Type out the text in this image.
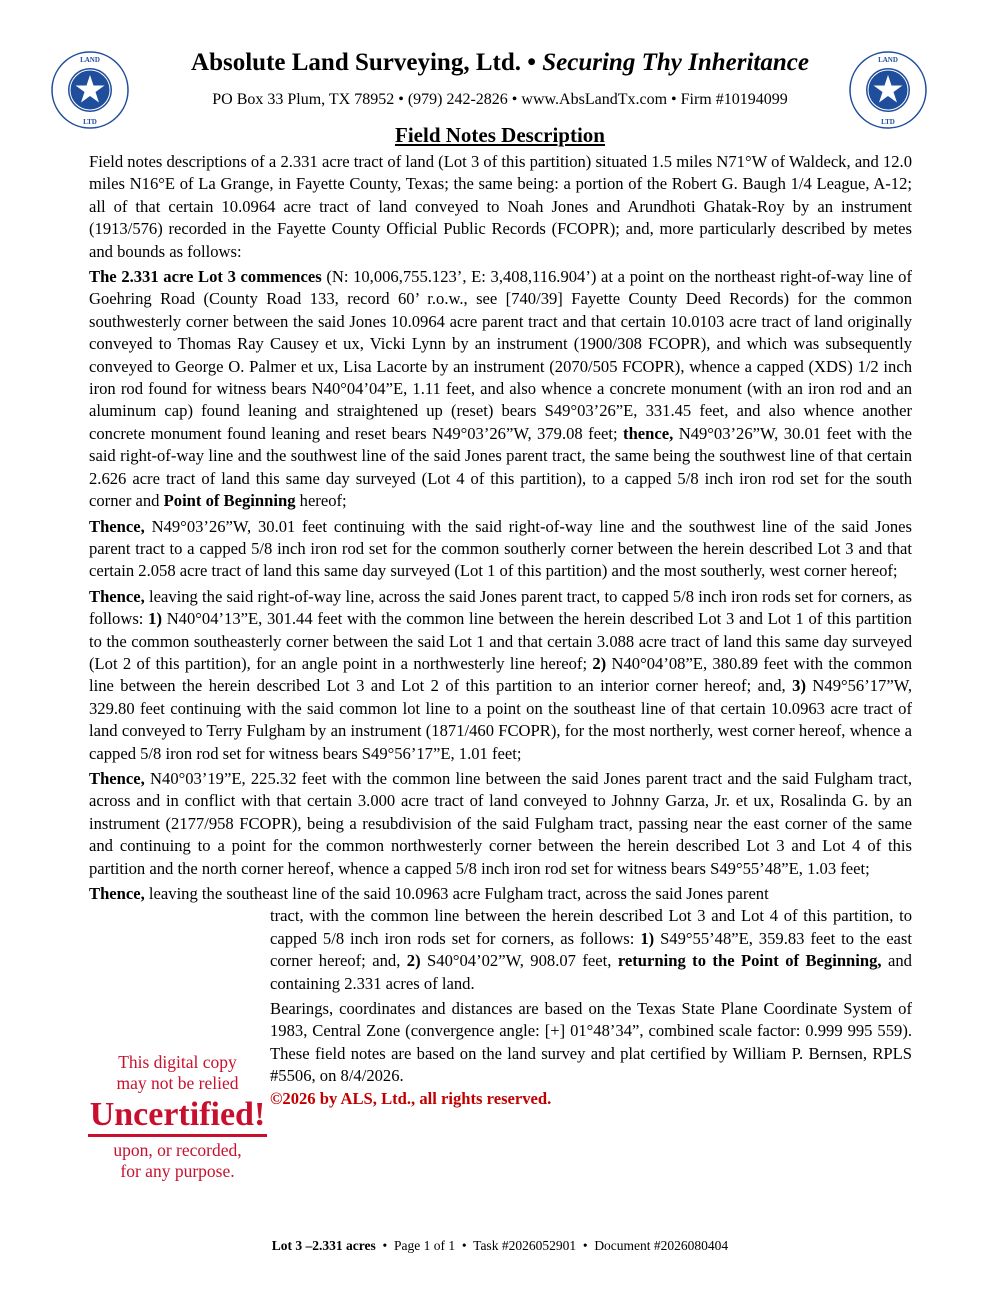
LAND
LTD
LAND
LTD
Absolute Land Surveying, Ltd. • Securing Thy Inheritance
PO Box 33 Plum, TX 78952 • (979) 242-2826 • www.AbsLandTx.com • Firm #10194099
Field Notes Description

Field notes descriptions of a 2.331 acre tract of land (Lot 3 of this partition) situated 1.5 miles N71°W of Waldeck, and 12.0 miles N16°E of La Grange, in Fayette County, Texas; the same being: a portion of the Robert G. Baugh 1/4 League, A-12; all of that certain 10.0964 acre tract of land conveyed to Noah Jones and Arundhoti Ghatak-Roy by an instrument (1913/576) recorded in the Fayette County Official Public Records (FCOPR); and, more particularly described by metes and bounds as follows:

The 2.331 acre Lot 3 commences (N: 10,006,755.123’, E: 3,408,116.904’) at a point on the northeast right-of-way line of Goehring Road (County Road 133, record 60’ r.o.w., see [740/39] Fayette County Deed Records) for the common southwesterly corner between the said Jones 10.0964 acre parent tract and that certain 10.0103 acre tract of land originally conveyed to Thomas Ray Causey et ux, Vicki Lynn by an instrument (1900/308 FCOPR), and which was subsequently conveyed to George O. Palmer et ux, Lisa Lacorte by an instrument (2070/505 FCOPR), whence a capped (XDS) 1/2 inch iron rod found for witness bears N40°04’04”E, 1.11 feet, and also whence a concrete monument (with an iron rod and an aluminum cap) found leaning and straightened up (reset) bears S49°03’26”E, 331.45 feet, and also whence another concrete monument found leaning and reset bears N49°03’26”W, 379.08 feet; thence, N49°03’26”W, 30.01 feet with the said right-of-way line and the southwest line of the said Jones parent tract, the same being the southwest line of that certain 2.626 acre tract of land this same day surveyed (Lot 4 of this partition), to a capped 5/8 inch iron rod set for the south corner and Point of Beginning hereof;

Thence, N49°03’26”W, 30.01 feet continuing with the said right-of-way line and the southwest line of the said Jones parent tract to a capped 5/8 inch iron rod set for the common southerly corner between the herein described Lot 3 and that certain 2.058 acre tract of land this same day surveyed (Lot 1 of this partition) and the most southerly, west corner hereof;

Thence, leaving the said right-of-way line, across the said Jones parent tract, to capped 5/8 inch iron rods set for corners, as follows: 1) N40°04’13”E, 301.44 feet with the common line between the herein described Lot 3 and Lot 1 of this partition to the common southeasterly corner between the said Lot 1 and that certain 3.088 acre tract of land this same day surveyed (Lot 2 of this partition), for an angle point in a northwesterly line hereof; 2) N40°04’08”E, 380.89 feet with the common line between the herein described Lot 3 and Lot 2 of this partition to an interior corner hereof; and, 3) N49°56’17”W, 329.80 feet continuing with the said common lot line to a point on the southeast line of that certain 10.0963 acre tract of land conveyed to Terry Fulgham by an instrument (1871/460 FCOPR), for the most northerly, west corner hereof, whence a capped 5/8 iron rod set for witness bears S49°56’17”E, 1.01 feet;

Thence, N40°03’19”E, 225.32 feet with the common line between the said Jones parent tract and the said Fulgham tract, across and in conflict with that certain 3.000 acre tract of land conveyed to Johnny Garza, Jr. et ux, Rosalinda G. by an instrument (2177/958 FCOPR), being a resubdivision of the said Fulgham tract, passing near the east corner of the same and continuing to a point for the common northwesterly corner between the herein described Lot 3 and Lot 4 of this partition and the north corner hereof, whence a capped 5/8 inch iron rod set for witness bears S49°55’48”E, 1.03 feet;

Thence, leaving the southeast line of the said 10.0963 acre Fulgham tract, across the said Jones parent

tract, with the common line between the herein described Lot 3 and Lot 4 of this partition, to capped 5/8 inch iron rods set for corners, as follows: 1) S49°55’48”E, 359.83 feet to the east corner hereof; and, 2) S40°04’02”W, 908.07 feet, returning to the Point of Beginning, and containing 2.331 acres of land.

Bearings, coordinates and distances are based on the Texas State Plane Coordinate System of 1983, Central Zone (convergence angle: [+] 01°48’34”, combined scale factor: 0.999 995 559). These field notes are based on the land survey and plat certified by William P. Bernsen, RPLS #5506, on 8/4/2026.
©2026 by ALS, Ltd., all rights reserved.

This digital copy
may not be relied
Uncertified!
upon, or recorded,
for any purpose.
Lot 3 –2.331 acres  •  Page 1 of 1  •  Task #2026052901  •  Document #2026080404
